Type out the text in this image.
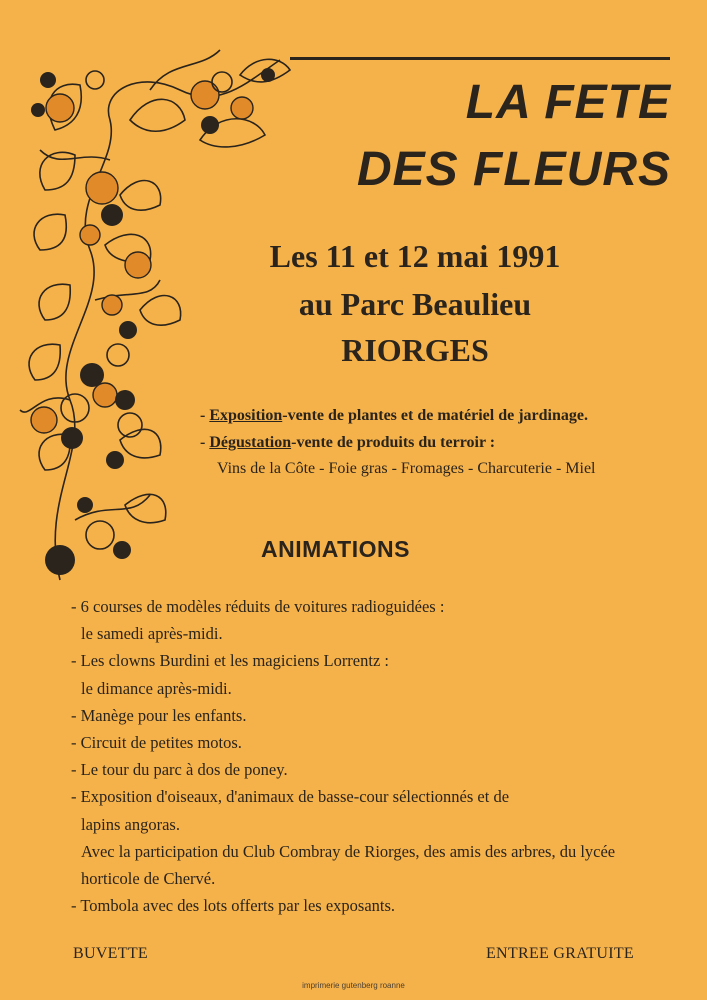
LA FETE
DES FLEURS
Les 11 et 12 mai 1991
au Parc Beaulieu
RIORGES
- Exposition-vente de plantes et de matériel de jardinage.
- Dégustation-vente de produits du terroir :
Vins de la Côte - Foie gras - Fromages - Charcuterie - Miel
ANIMATIONS
- 6 courses de modèles réduits de voitures radioguidées :
le samedi après-midi.
- Les clowns Burdini et les magiciens Lorrentz :
le dimance après-midi.
- Manège pour les enfants.
- Circuit de petites motos.
- Le tour du parc à dos de poney.
- Exposition d'oiseaux, d'animaux de basse-cour sélectionnés et de
lapins angoras.
Avec la participation du Club Combray de Riorges, des amis des arbres, du lycée
horticole de Chervé.
- Tombola avec des lots offerts par les exposants.
BUVETTE	ENTREE GRATUITE
imprimerie gutenberg roanne
